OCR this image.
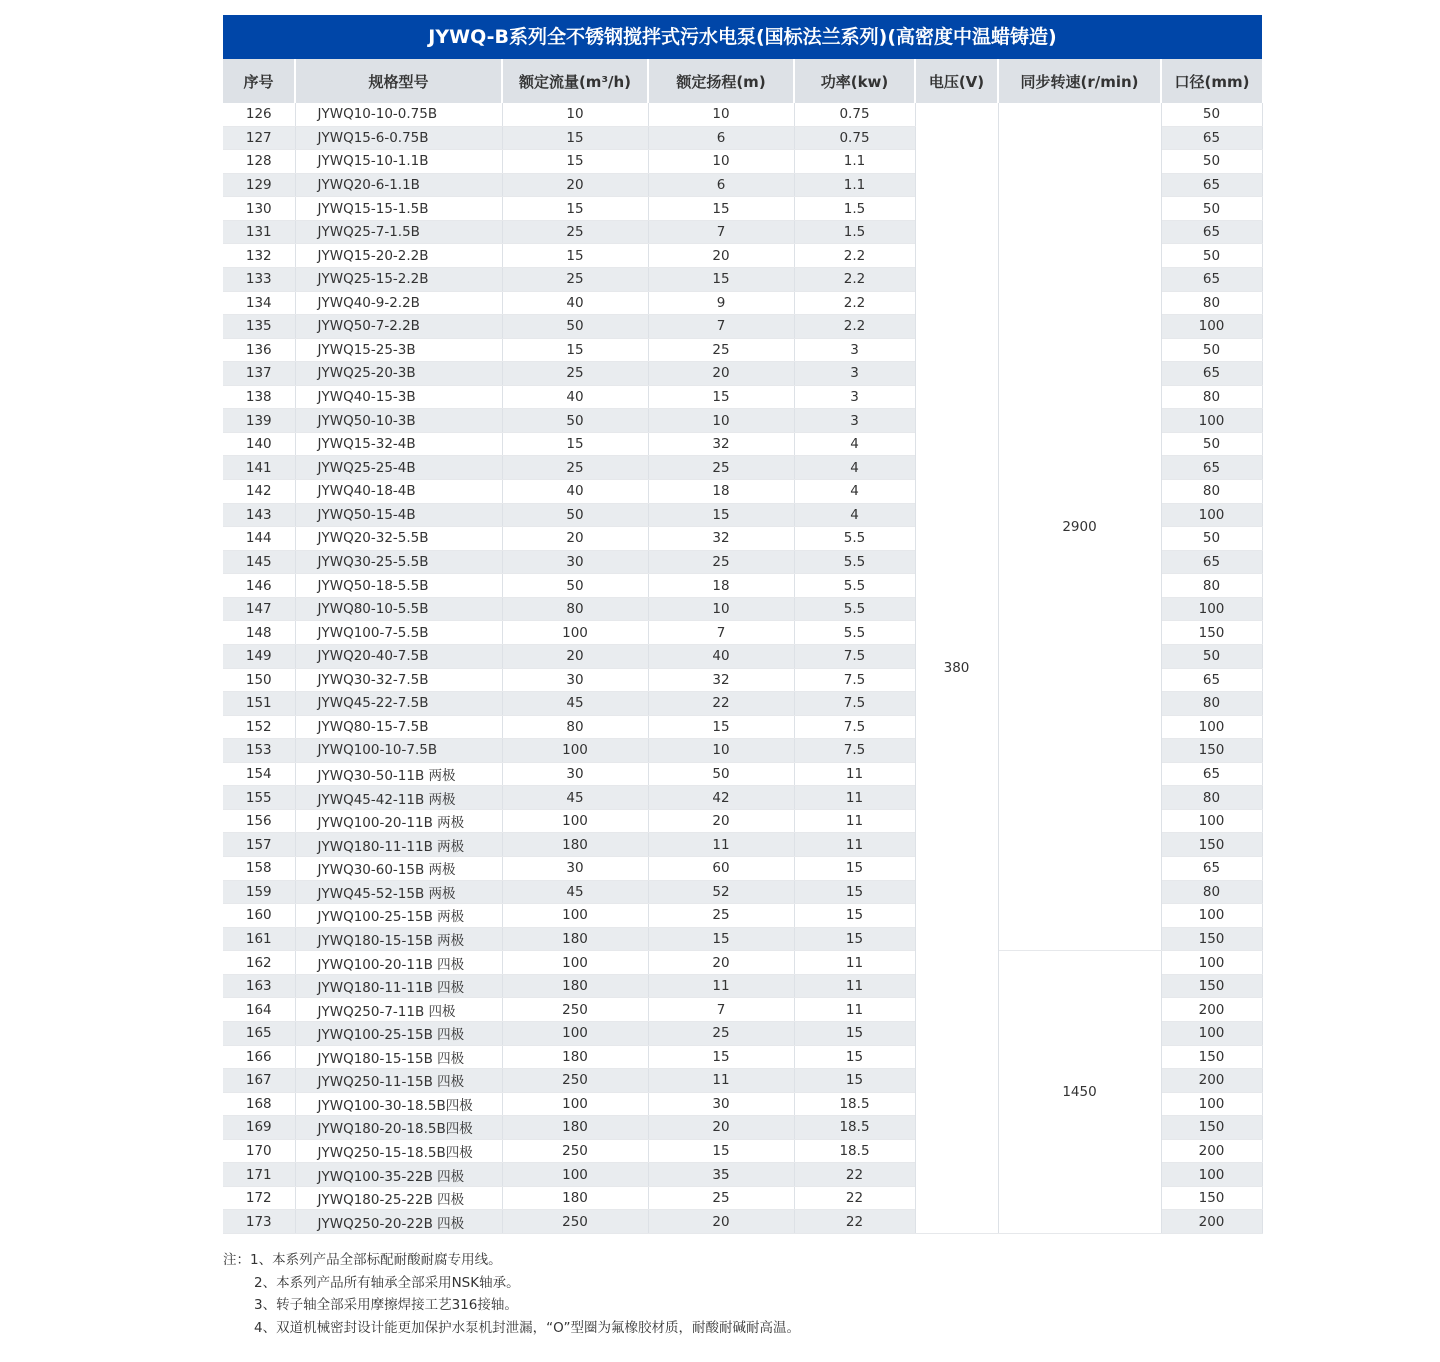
JYWQ-B系列全不锈钢搅拌式污水电泵(国标法兰系列)(高密度中温蜡铸造)
序号	规格型号	额定流量(m³/h)	额定扬程(m)	功率(kw)	电压(V)	同步转速(r/min)	口径(mm)
126	JYWQ10-10-0.75B	10	10	0.75	380	2900	50
127	JYWQ15-6-0.75B	15	6	0.75			65
128	JYWQ15-10-1.1B	15	10	1.1			50
129	JYWQ20-6-1.1B	20	6	1.1			65
130	JYWQ15-15-1.5B	15	15	1.5			50
131	JYWQ25-7-1.5B	25	7	1.5			65
132	JYWQ15-20-2.2B	15	20	2.2			50
133	JYWQ25-15-2.2B	25	15	2.2			65
134	JYWQ40-9-2.2B	40	9	2.2			80
135	JYWQ50-7-2.2B	50	7	2.2			100
136	JYWQ15-25-3B	15	25	3			50
137	JYWQ25-20-3B	25	20	3			65
138	JYWQ40-15-3B	40	15	3			80
139	JYWQ50-10-3B	50	10	3			100
140	JYWQ15-32-4B	15	32	4			50
141	JYWQ25-25-4B	25	25	4			65
142	JYWQ40-18-4B	40	18	4			80
143	JYWQ50-15-4B	50	15	4			100
144	JYWQ20-32-5.5B	20	32	5.5			50
145	JYWQ30-25-5.5B	30	25	5.5			65
146	JYWQ50-18-5.5B	50	18	5.5			80
147	JYWQ80-10-5.5B	80	10	5.5			100
148	JYWQ100-7-5.5B	100	7	5.5			150
149	JYWQ20-40-7.5B	20	40	7.5			50
150	JYWQ30-32-7.5B	30	32	7.5			65
151	JYWQ45-22-7.5B	45	22	7.5			80
152	JYWQ80-15-7.5B	80	15	7.5			100
153	JYWQ100-10-7.5B	100	10	7.5			150
154	JYWQ30-50-11B 两极	30	50	11			65
155	JYWQ45-42-11B 两极	45	42	11			80
156	JYWQ100-20-11B 两极	100	20	11			100
157	JYWQ180-11-11B 两极	180	11	11			150
158	JYWQ30-60-15B 两极	30	60	15			65
159	JYWQ45-52-15B 两极	45	52	15			80
160	JYWQ100-25-15B 两极	100	25	15			100
161	JYWQ180-15-15B 两极	180	15	15			150
162	JYWQ100-20-11B 四极	100	20	11		1450	100
163	JYWQ180-11-11B 四极	180	11	11			150
164	JYWQ250-7-11B 四极	250	7	11			200
165	JYWQ100-25-15B 四极	100	25	15			100
166	JYWQ180-15-15B 四极	180	15	15			150
167	JYWQ250-11-15B 四极	250	11	15			200
168	JYWQ100-30-18.5B四极	100	30	18.5			100
169	JYWQ180-20-18.5B四极	180	20	18.5			150
170	JYWQ250-15-18.5B四极	250	15	18.5			200
171	JYWQ100-35-22B 四极	100	35	22			100
172	JYWQ180-25-22B 四极	180	25	22			150
173	JYWQ250-20-22B 四极	250	20	22			200
注：1、本系列产品全部标配耐酸耐腐专用线。
2、本系列产品所有轴承全部采用NSK轴承。
3、转子轴全部采用摩擦焊接工艺316接轴。
4、双道机械密封设计能更加保护水泵机封泄漏，“O”型圈为氟橡胶材质，耐酸耐碱耐高温。
